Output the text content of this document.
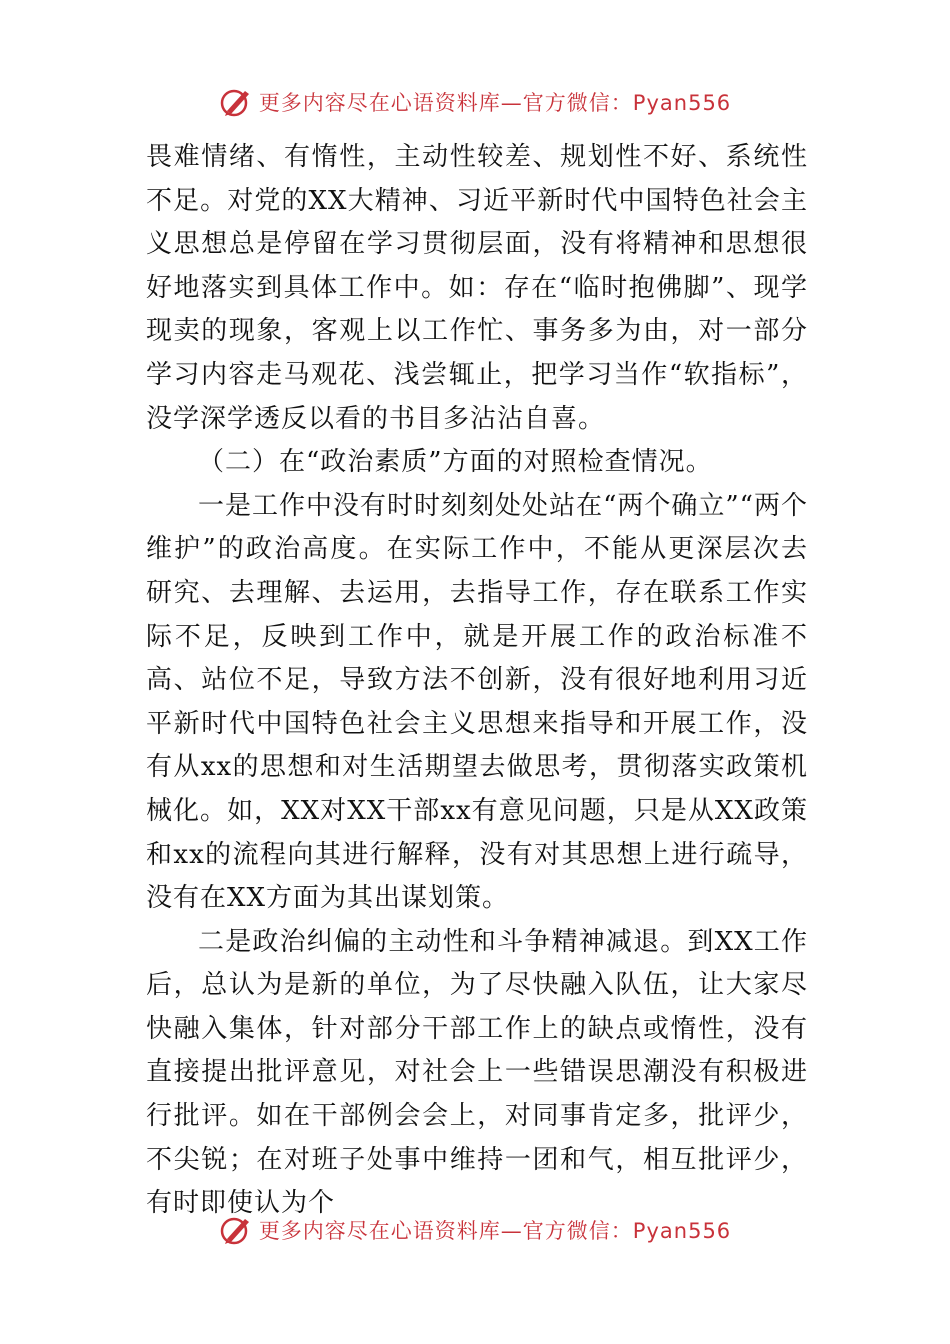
更多内容尽在心语资料库—官方微信：Pyan556

畏难情绪、有惰性，主动性较差、规划性不好、系统性不足。对党的XX大精神、习近平新时代中国特色社会主义思想总是停留在学习贯彻层面，没有将精神和思想很好地落实到具体工作中。如：存在“临时抱佛脚”、现学现卖的现象，客观上以工作忙、事务多为由，对一部分学习内容走马观花、浅尝辄止，把学习当作“软指标”，没学深学透反以看的书目多沾沾自喜。

（二）在“政治素质”方面的对照检查情况。

一是工作中没有时时刻刻处处站在“两个确立”“两个维护”的政治高度。在实际工作中，不能从更深层次去研究、去理解、去运用，去指导工作，存在联系工作实际不足，反映到工作中，就是开展工作的政治标准不高、站位不足，导致方法不创新，没有很好地利用习近平新时代中国特色社会主义思想来指导和开展工作，没有从xx的思想和对生活期望去做思考，贯彻落实政策机械化。如，XX对XX干部xx有意见问题，只是从XX政策和xx的流程向其进行解释，没有对其思想上进行疏导，没有在XX方面为其出谋划策。

二是政治纠偏的主动性和斗争精神减退。到XX工作后，总认为是新的单位，为了尽快融入队伍，让大家尽快融入集体，针对部分干部工作上的缺点或惰性，没有直接提出批评意见，对社会上一些错误思潮没有积极进行批评。如在干部例会会上，对同事肯定多，批评少，不尖锐；在对班子处事中维持一团和气，相互批评少，有时即使认为个

更多内容尽在心语资料库—官方微信：Pyan556
